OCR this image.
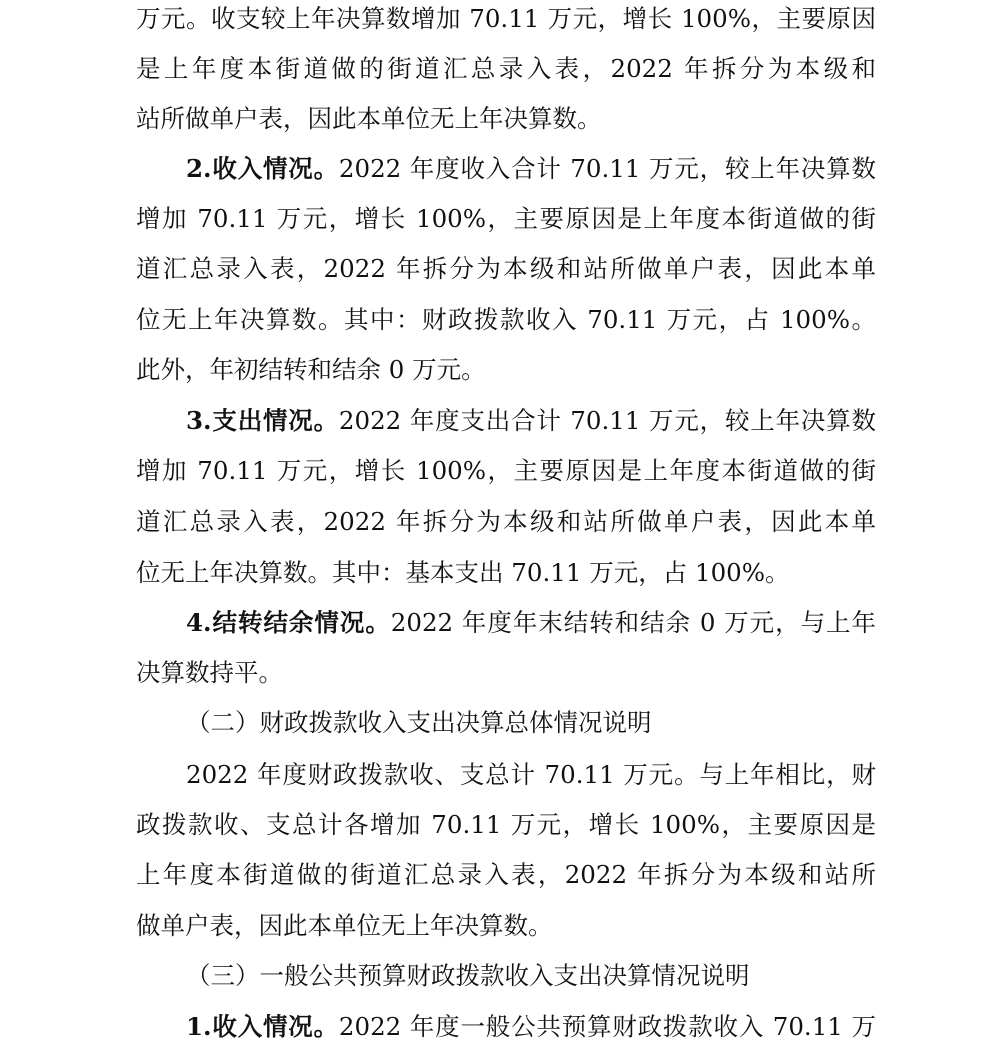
万元。收支较上年决算数增加 70.11 万元，增长 100%，主要原因
是上年度本街道做的街道汇总录入表，2022 年拆分为本级和
站所做单户表，因此本单位无上年决算数。
2.收入情况。2022 年度收入合计 70.11 万元，较上年决算数
增加 70.11 万元，增长 100%，主要原因是上年度本街道做的街
道汇总录入表，2022 年拆分为本级和站所做单户表，因此本单
位无上年决算数。其中：财政拨款收入 70.11 万元，占 100%。
此外，年初结转和结余 0 万元。
3.支出情况。2022 年度支出合计 70.11 万元，较上年决算数
增加 70.11 万元，增长 100%，主要原因是上年度本街道做的街
道汇总录入表，2022 年拆分为本级和站所做单户表，因此本单
位无上年决算数。其中：基本支出 70.11 万元，占 100%。
4.结转结余情况。2022 年度年末结转和结余 0 万元，与上年
决算数持平。
（二）财政拨款收入支出决算总体情况说明
2022 年度财政拨款收、支总计 70.11 万元。与上年相比，财
政拨款收、支总计各增加 70.11 万元，增长 100%，主要原因是
上年度本街道做的街道汇总录入表，2022 年拆分为本级和站所
做单户表，因此本单位无上年决算数。
（三）一般公共预算财政拨款收入支出决算情况说明
1.收入情况。2022 年度一般公共预算财政拨款收入 70.11 万
